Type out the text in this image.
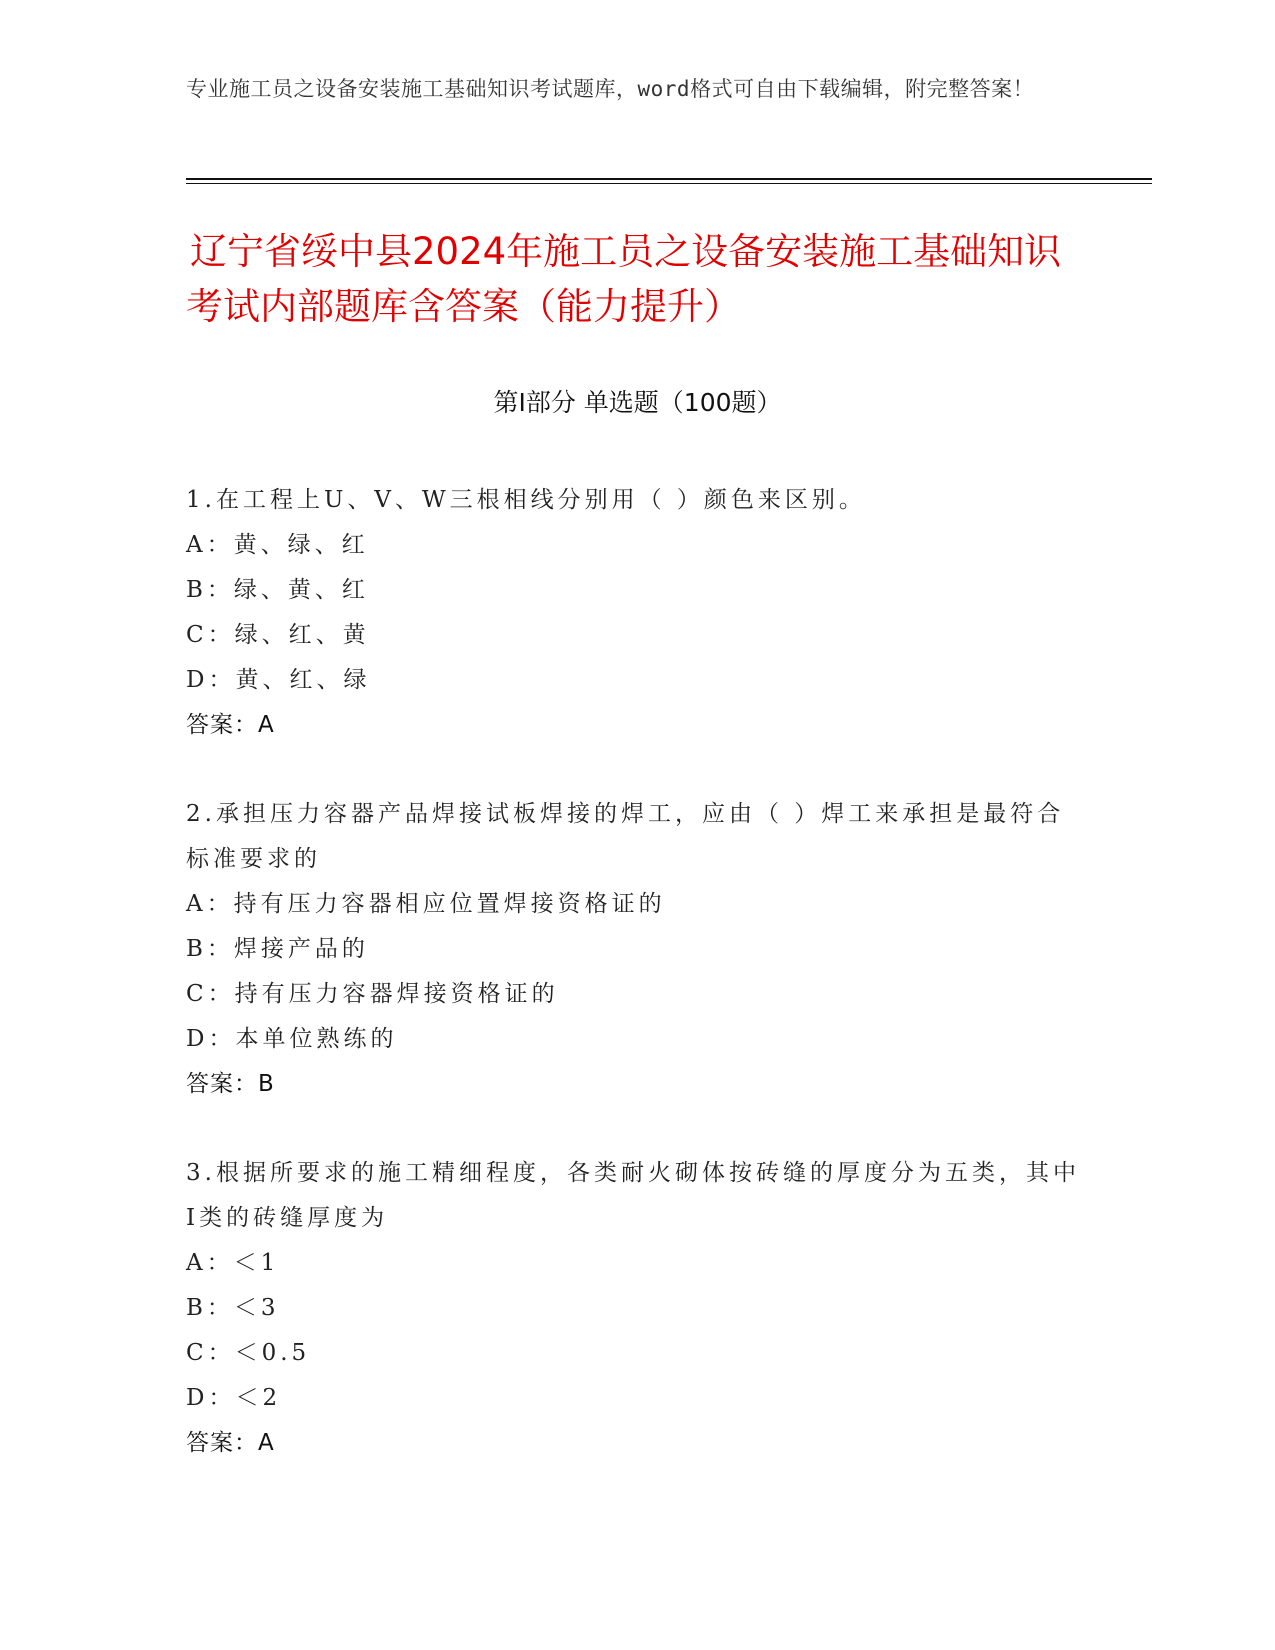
专业施工员之设备安装施工基础知识考试题库，word格式可自由下载编辑，附完整答案！
辽宁省绥中县2024年施工员之设备安装施工基础知识考试内部题库含答案（能力提升）
第Ⅰ部分 单选题（100题）
1.在工程上U、V、W三根相线分别用（ ）颜色来区别。
A：黄、绿、红
B：绿、黄、红
C：绿、红、黄
D：黄、红、绿
答案：A
2.承担压力容器产品焊接试板焊接的焊工，应由（ ）焊工来承担是最符合标准要求的
A：持有压力容器相应位置焊接资格证的
B：焊接产品的
C：持有压力容器焊接资格证的
D：本单位熟练的
答案：B
3.根据所要求的施工精细程度，各类耐火砌体按砖缝的厚度分为五类，其中Ⅰ类的砖缝厚度为
A：＜1
B：＜3
C：＜0.5
D：＜2
答案：A
